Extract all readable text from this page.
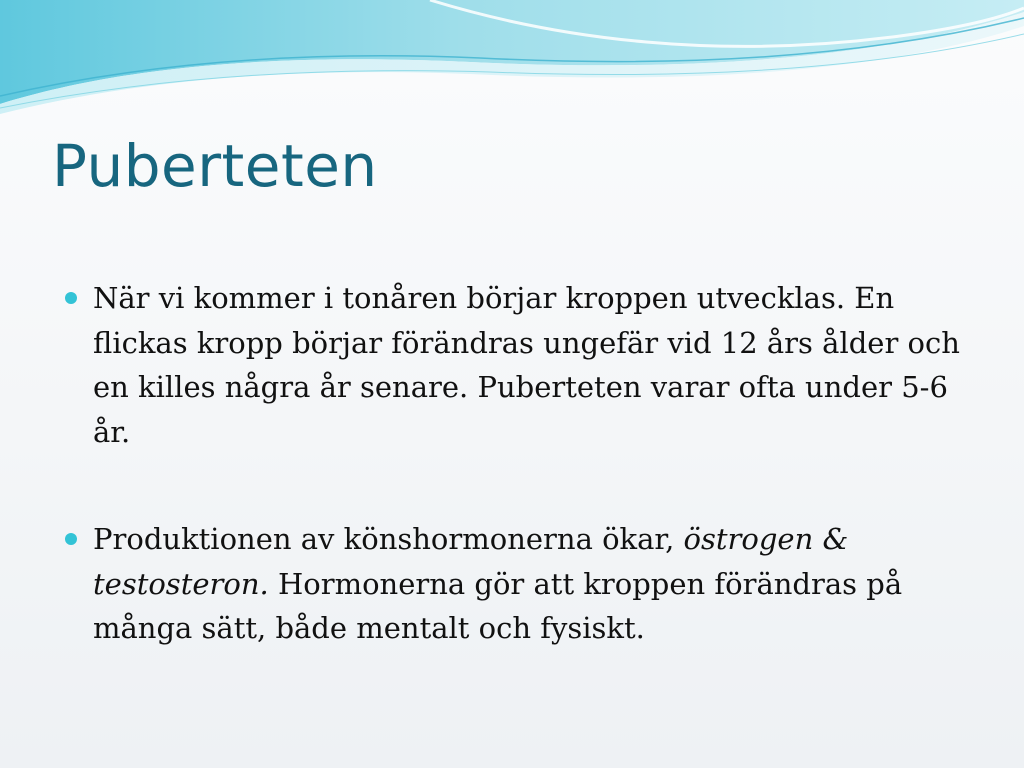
Puberteten
När vi kommer i tonåren börjar kroppen utvecklas. En flickas kropp börjar förändras ungefär vid 12 års ålder och en killes några år senare. Puberteten varar ofta under 5-6 år.
Produktionen av könshormonerna ökar, östrogen & testosteron. Hormonerna gör att kroppen förändras på många sätt, både mentalt och fysiskt.
